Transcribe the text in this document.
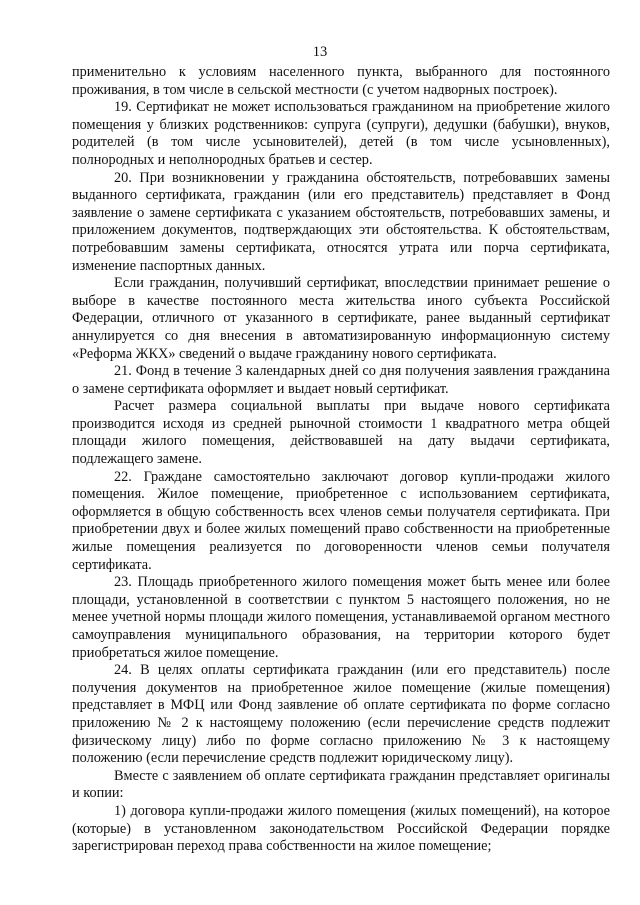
13

применительно к условиям населенного пункта, выбранного для постоянного проживания, в том числе в сельской местности (с учетом надворных построек).

19. Сертификат не может использоваться гражданином на приобретение жилого помещения у близких родственников: супруга (супруги), дедушки (бабушки), внуков, родителей (в том числе усыновителей), детей (в том числе усыновленных), полнородных и неполнородных братьев и сестер.

20. При возникновении у гражданина обстоятельств, потребовавших замены выданного сертификата, гражданин (или его представитель) представляет в Фонд заявление о замене сертификата с указанием обстоятельств, потребовавших замены, и приложением документов, подтверждающих эти обстоятельства. К обстоятельствам, потребовавшим замены сертификата, относятся утрата или порча сертификата, изменение паспортных данных.

Если гражданин, получивший сертификат, впоследствии принимает решение о выборе в качестве постоянного места жительства иного субъекта Российской Федерации, отличного от указанного в сертификате, ранее выданный сертификат аннулируется со дня внесения в автоматизированную информационную систему «Реформа ЖКХ» сведений о выдаче гражданину нового сертификата.

21. Фонд в течение 3 календарных дней со дня получения заявления гражданина о замене сертификата оформляет и выдает новый сертификат.

Расчет размера социальной выплаты при выдаче нового сертификата производится исходя из средней рыночной стоимости 1 квадратного метра общей площади жилого помещения, действовавшей на дату выдачи сертификата, подлежащего замене.

22. Граждане самостоятельно заключают договор купли-продажи жилого помещения. Жилое помещение, приобретенное с использованием сертификата, оформляется в общую собственность всех членов семьи получателя сертификата. При приобретении двух и более жилых помещений право собственности на приобретенные жилые помещения реализуется по договоренности членов семьи получателя сертификата.

23. Площадь приобретенного жилого помещения может быть менее или более площади, установленной в соответствии с пунктом 5 настоящего положения, но не менее учетной нормы площади жилого помещения, устанавливаемой органом местного самоуправления муниципального образования, на территории которого будет приобретаться жилое помещение.

24. В целях оплаты сертификата гражданин (или его представитель) после получения документов на приобретенное жилое помещение (жилые помещения) представляет в МФЦ или Фонд заявление об оплате сертификата по форме согласно приложению № 2 к настоящему положению (если перечисление средств подлежит физическому лицу) либо по форме согласно приложению № 3 к настоящему положению (если перечисление средств подлежит юридическому лицу).

Вместе с заявлением об оплате сертификата гражданин представляет оригиналы и копии:

1) договора купли-продажи жилого помещения (жилых помещений), на которое (которые) в установленном законодательством Российской Федерации порядке зарегистрирован переход права собственности на жилое помещение;
